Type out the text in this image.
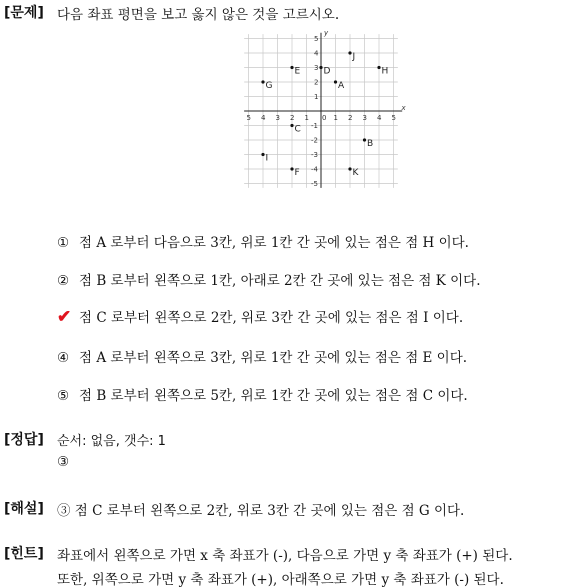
[문제] 다음 좌표 평면을 보고 옳지 않은 것을 고르시오.
x
y
0
5 4 3 2 1	1 2 3 4 5
5
4
3
2
1
-1
-2
-3
-4
-5
A
B
C
D
E
G
H
I
J
K
F
① 점 A 로부터 다음으로 3칸, 위로 1칸 간 곳에 있는 점은 점 H 이다.
② 점 B 로부터 왼쪽으로 1칸, 아래로 2칸 간 곳에 있는 점은 점 K 이다.
✔ 점 C 로부터 왼쪽으로 2칸, 위로 3칸 간 곳에 있는 점은 점 I 이다.
④ 점 A 로부터 왼쪽으로 3칸, 위로 1칸 간 곳에 있는 점은 점 E 이다.
⑤ 점 B 로부터 왼쪽으로 5칸, 위로 1칸 간 곳에 있는 점은 점 C 이다.
[정답] 순서: 없음, 갯수: 1
③
[해설] ③ 점 C 로부터 왼쪽으로 2칸, 위로 3칸 간 곳에 있는 점은 점 G 이다.
[힌트] 좌표에서 왼쪽으로 가면 x 축 좌표가 (-), 다음으로 가면 y 축 좌표가 (+) 된다.
또한, 위쪽으로 가면 y 축 좌표가 (+), 아래쪽으로 가면 y 축 좌표가 (-) 된다.
